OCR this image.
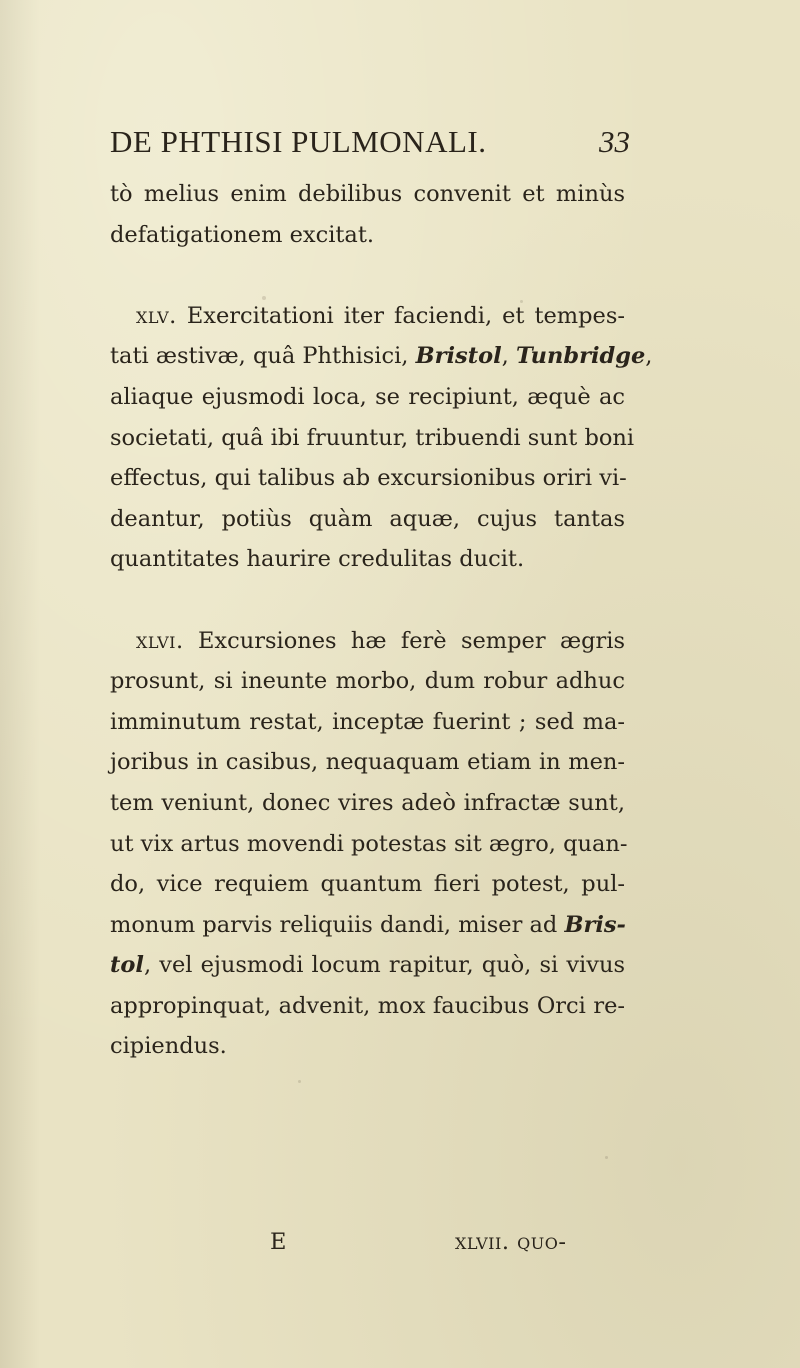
DE PHTHISI PULMONALI.	33
tò melius enim debilibus convenit et minùs
defatigationem excitat.
xlv. Exercitationi iter faciendi, et tempes-
tati æstivæ, quâ Phthisici, Bristol, Tunbridge,
aliaque ejusmodi loca, se recipiunt, æquè ac
societati, quâ ibi fruuntur, tribuendi sunt boni
effectus, qui talibus ab excursionibus oriri vi-
deantur, potiùs quàm aquæ, cujus tantas
quantitates haurire credulitas ducit.
xlvi. Excursiones hæ ferè semper ægris
prosunt, si ineunte morbo, dum robur adhuc
imminutum restat, inceptæ fuerint ; sed ma-
joribus in casibus, nequaquam etiam in men-
tem veniunt, donec vires adeò infractæ sunt,
ut vix artus movendi potestas sit ægro, quan-
do, vice requiem quantum fieri potest, pul-
monum parvis reliquiis dandi, miser ad Bris-
tol, vel ejusmodi locum rapitur, quò, si vivus
appropinquat, advenit, mox faucibus Orci re-
cipiendus.
E	xlvii. quo-
